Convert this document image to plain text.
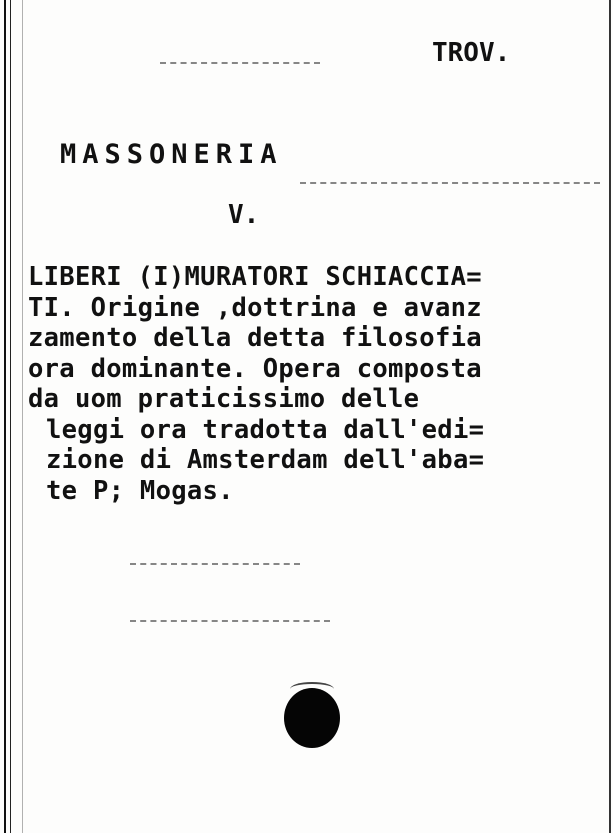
TROV.
MASSONERIA
V.
LIBERI (I)MURATORI SCHIACCIA=
TI. Origine ,dottrina e avanz
zamento della detta filosofia
ora dominante. Opera composta
da uom praticissimo delle
leggi ora tradotta dall'edi=
zione di Amsterdam dell'aba=
te P; Mogas.
